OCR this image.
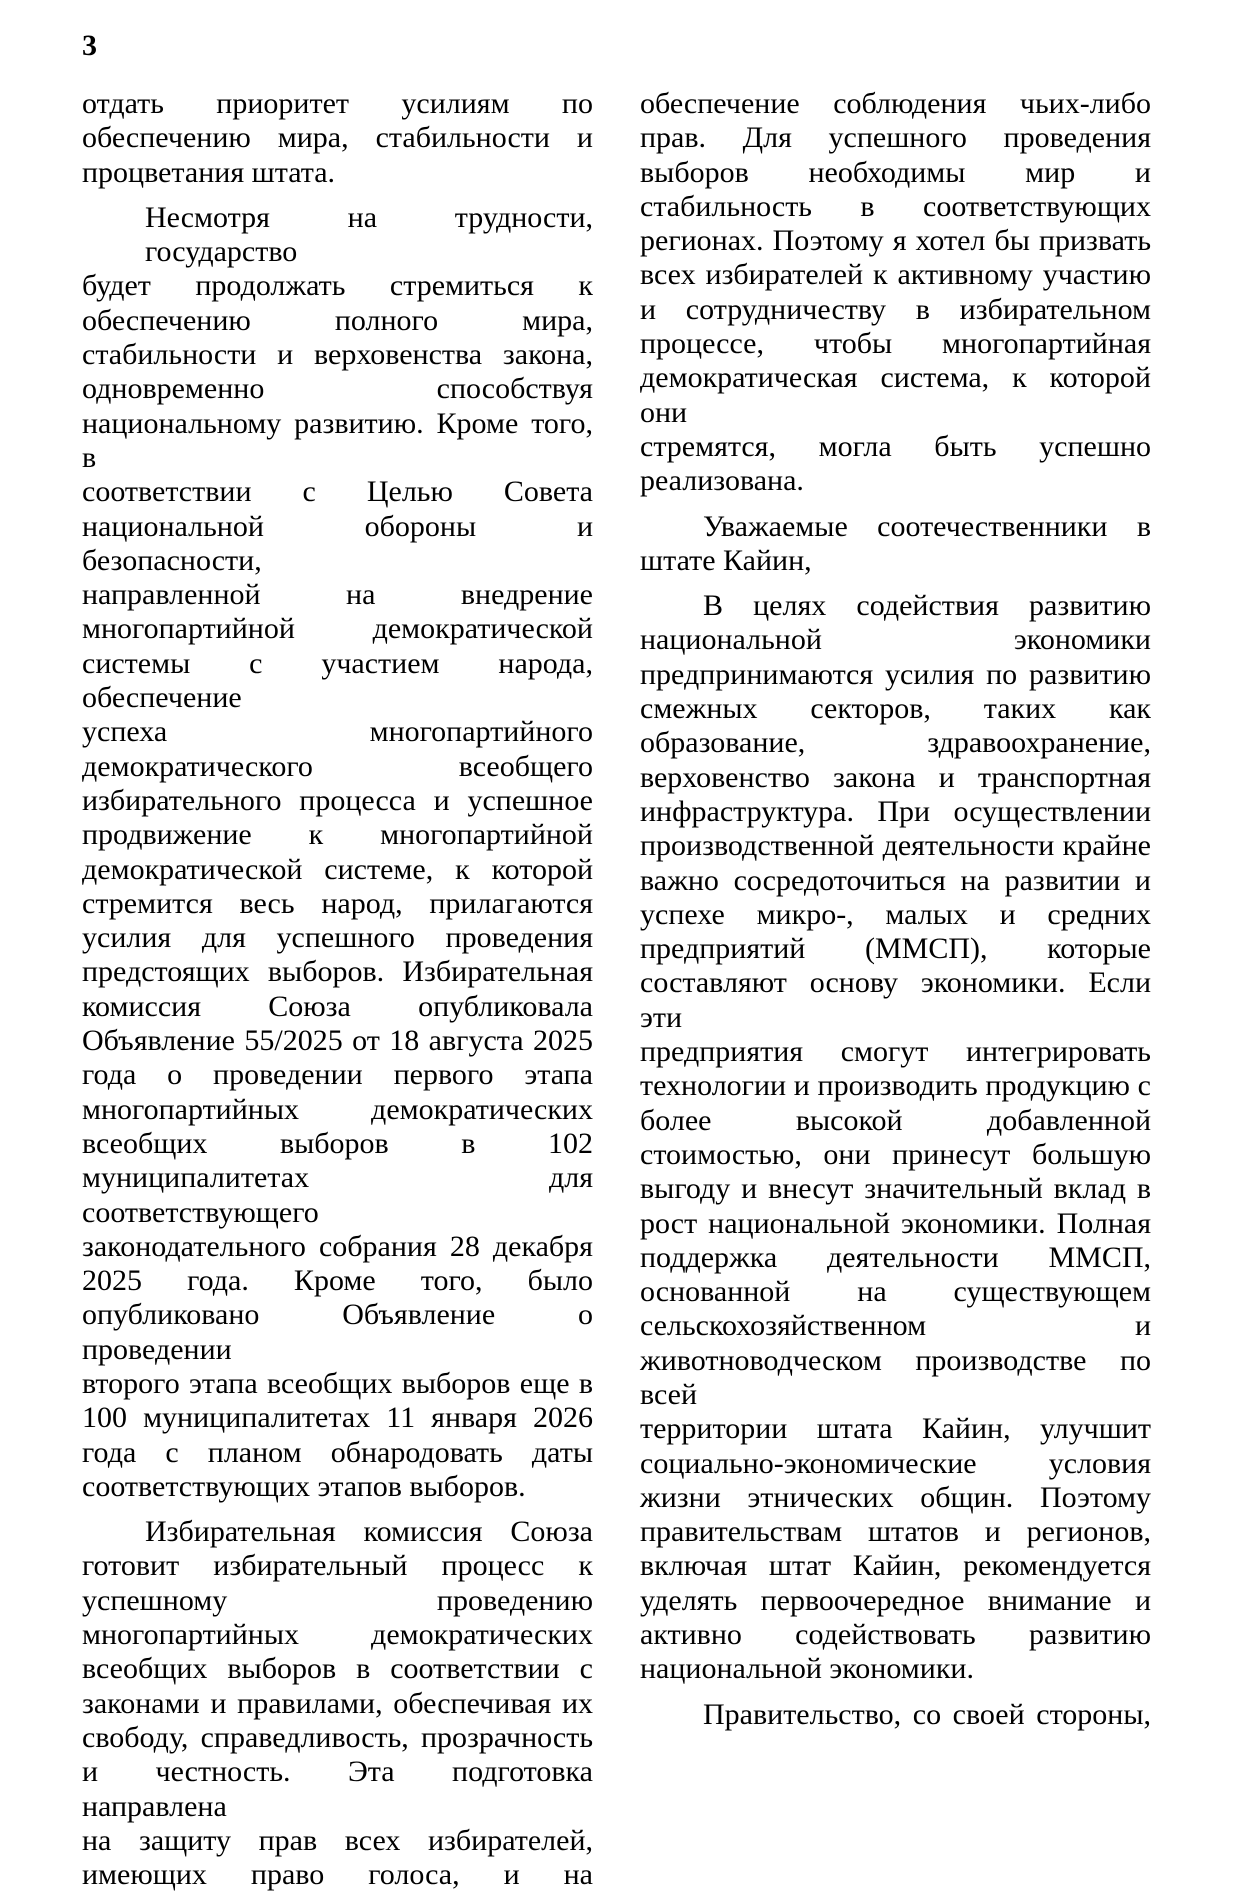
3
отдать приоритет усилиям по
обеспечению мира, стабильности и
процветания штата.
Несмотря на трудности, государство
будет продолжать стремиться к
обеспечению полного мира,
стабильности и верховенства закона,
одновременно способствуя
национальному развитию. Кроме того, в
соответствии с Целью Совета
национальной обороны и безопасности,
направленной на внедрение
многопартийной демократической
системы с участием народа, обеспечение
успеха многопартийного
демократического всеобщего
избирательного процесса и успешное
продвижение к многопартийной
демократической системе, к которой
стремится весь народ, прилагаются
усилия для успешного проведения
предстоящих выборов. Избирательная
комиссия Союза опубликовала
Объявление 55/2025 от 18 августа 2025
года о проведении первого этапа
многопартийных демократических
всеобщих выборов в 102
муниципалитетах для соответствующего
законодательного собрания 28 декабря
2025 года. Кроме того, было
опубликовано Объявление о проведении
второго этапа всеобщих выборов еще в
100 муниципалитетах 11 января 2026
года с планом обнародовать даты
соответствующих этапов выборов.
Избирательная комиссия Союза
готовит избирательный процесс к
успешному проведению
многопартийных демократических
всеобщих выборов в соответствии с
законами и правилами, обеспечивая их
свободу, справедливость, прозрачность
и честность. Эта подготовка направлена
на защиту прав всех избирателей,
имеющих право голоса, и на
обеспечение соблюдения чьих-либо
прав. Для успешного проведения
выборов необходимы мир и
стабильность в соответствующих
регионах. Поэтому я хотел бы призвать
всех избирателей к активному участию
и сотрудничеству в избирательном
процессе, чтобы многопартийная
демократическая система, к которой они
стремятся, могла быть успешно
реализована.
Уважаемые соотечественники в
штате Кайин,
В целях содействия развитию
национальной экономики
предпринимаются усилия по развитию
смежных секторов, таких как
образование, здравоохранение,
верховенство закона и транспортная
инфраструктура. При осуществлении
производственной деятельности крайне
важно сосредоточиться на развитии и
успехе микро-, малых и средних
предприятий (ММСП), которые
составляют основу экономики. Если эти
предприятия смогут интегрировать
технологии и производить продукцию с
более высокой добавленной
стоимостью, они принесут большую
выгоду и внесут значительный вклад в
рост национальной экономики. Полная
поддержка деятельности ММСП,
основанной на существующем
сельскохозяйственном и
животноводческом производстве по всей
территории штата Кайин, улучшит
социально-экономические условия
жизни этнических общин. Поэтому
правительствам штатов и регионов,
включая штат Кайин, рекомендуется
уделять первоочередное внимание и
активно содействовать развитию
национальной экономики.
Правительство, со своей стороны,
